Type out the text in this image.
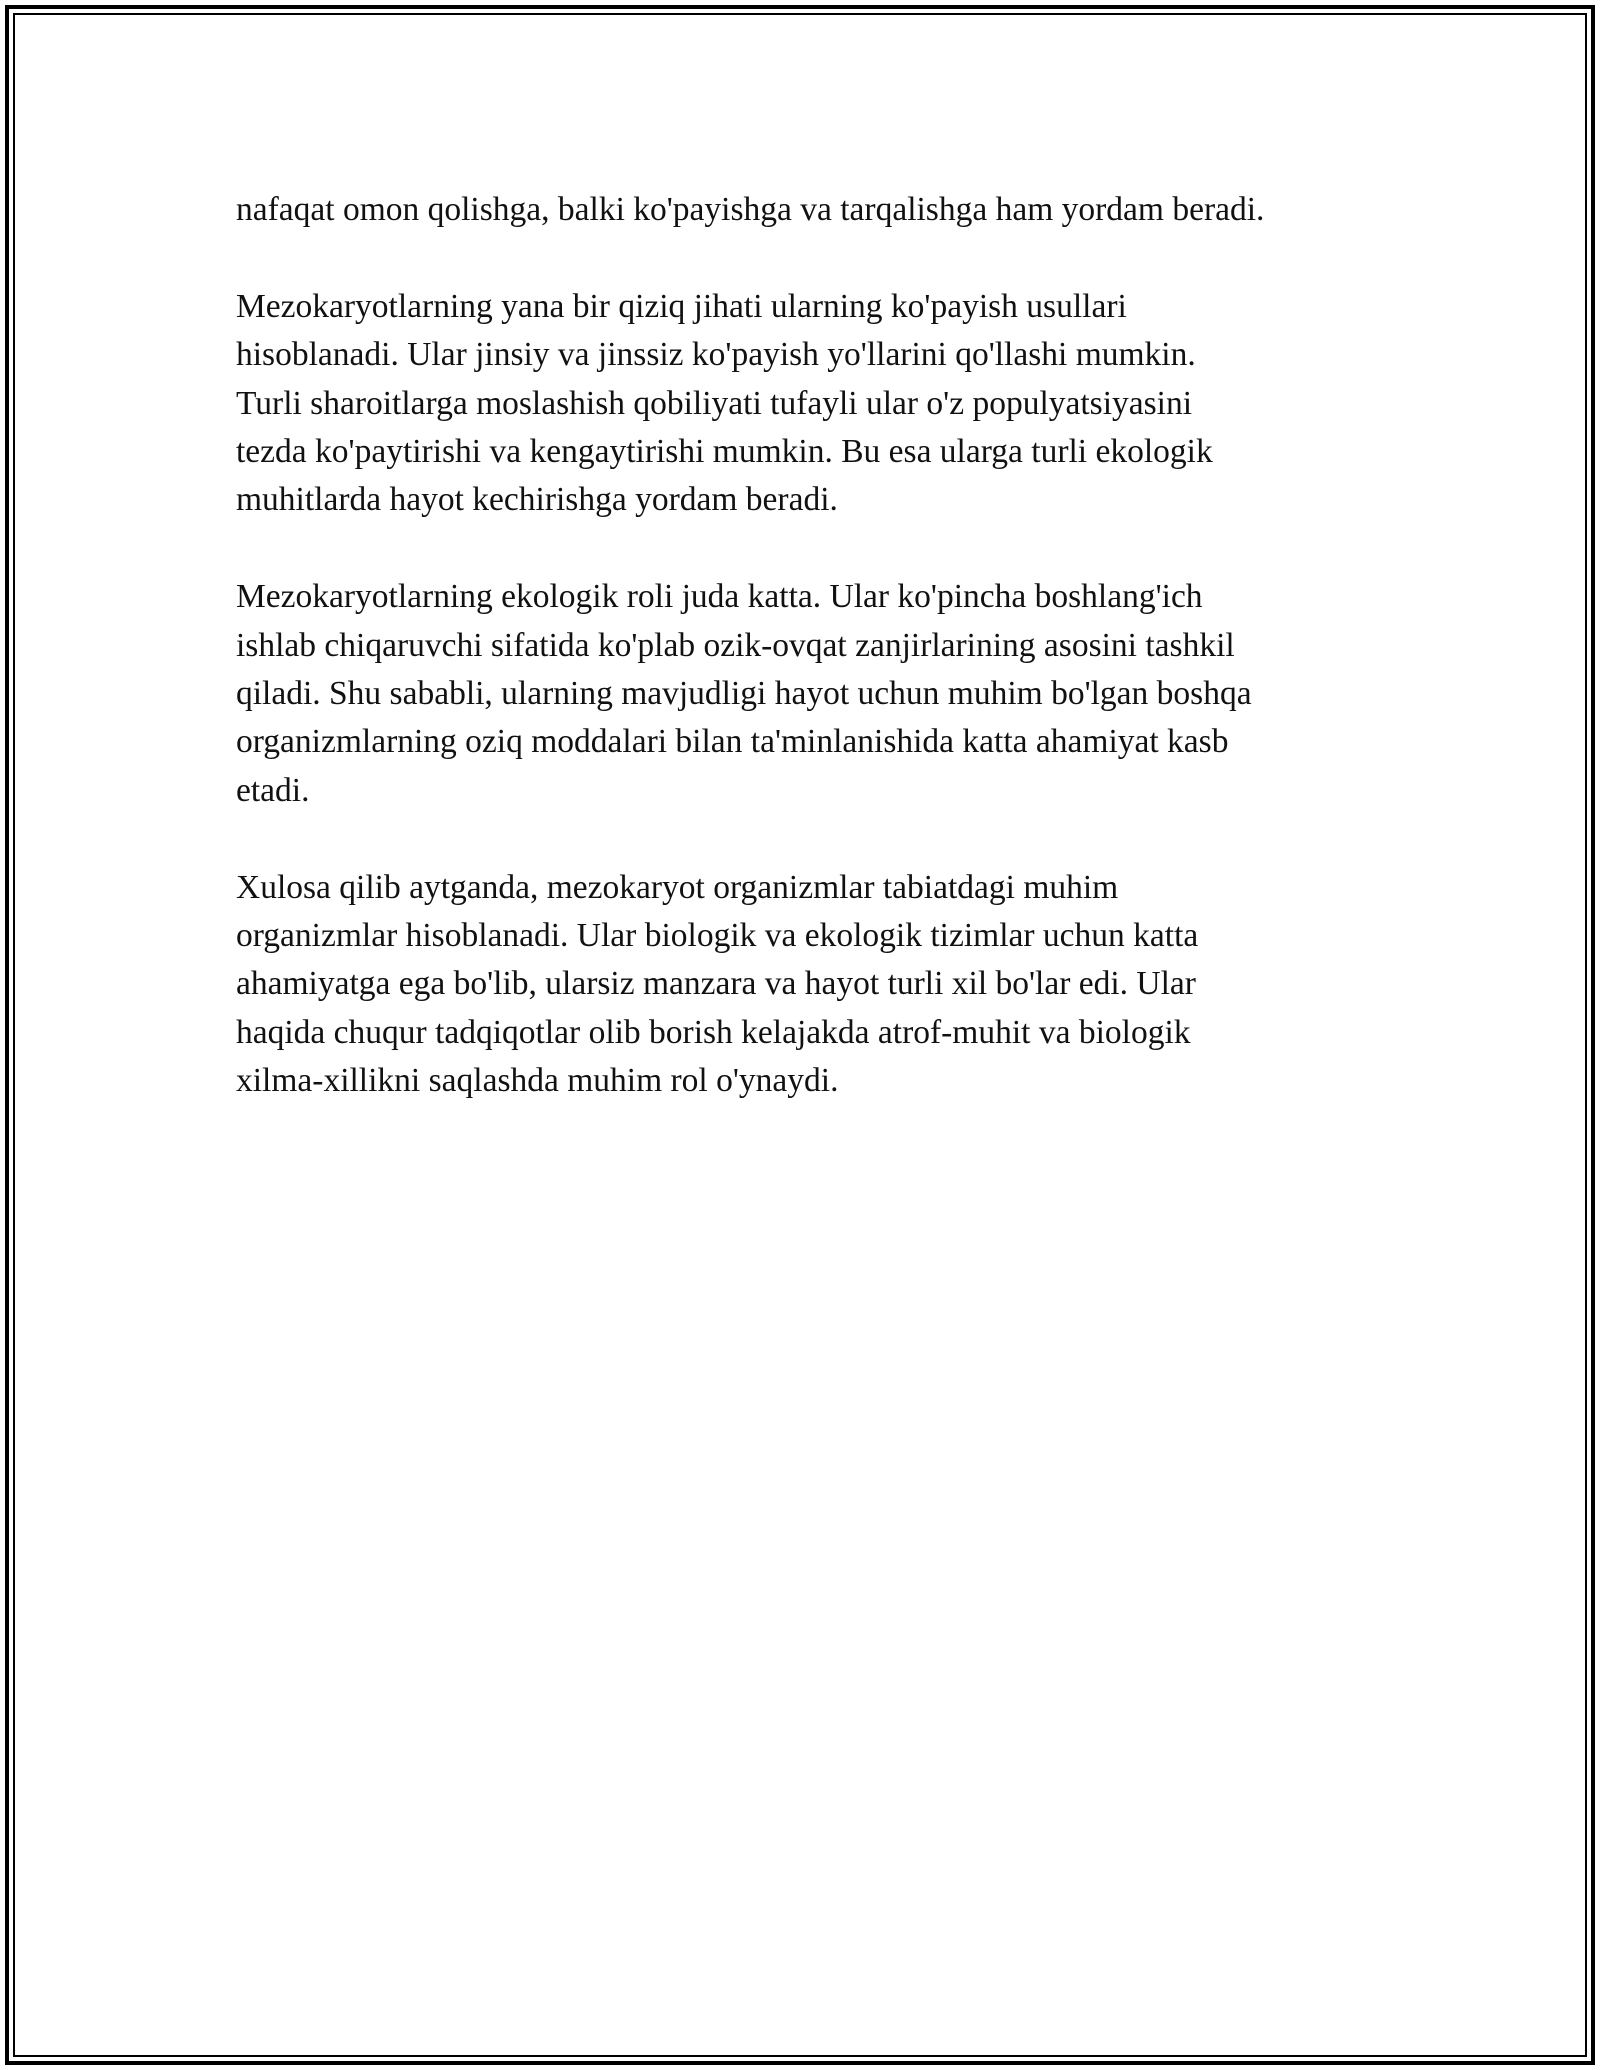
nafaqat omon qolishga, balki ko'payishga va tarqalishga ham yordam beradi.

Mezokaryotlarning yana bir qiziq jihati ularning ko'payish usullari
hisoblanadi. Ular jinsiy va jinssiz ko'payish yo'llarini qo'llashi mumkin.
Turli sharoitlarga moslashish qobiliyati tufayli ular o'z populyatsiyasini
tezda ko'paytirishi va kengaytirishi mumkin. Bu esa ularga turli ekologik
muhitlarda hayot kechirishga yordam beradi.

Mezokaryotlarning ekologik roli juda katta. Ular ko'pincha boshlang'ich
ishlab chiqaruvchi sifatida ko'plab ozik-ovqat zanjirlarining asosini tashkil
qiladi. Shu sababli, ularning mavjudligi hayot uchun muhim bo'lgan boshqa
organizmlarning oziq moddalari bilan ta'minlanishida katta ahamiyat kasb
etadi.

Xulosa qilib aytganda, mezokaryot organizmlar tabiatdagi muhim
organizmlar hisoblanadi. Ular biologik va ekologik tizimlar uchun katta
ahamiyatga ega bo'lib, ularsiz manzara va hayot turli xil bo'lar edi. Ular
haqida chuqur tadqiqotlar olib borish kelajakda atrof-muhit va biologik
xilma-xillikni saqlashda muhim rol o'ynaydi.
